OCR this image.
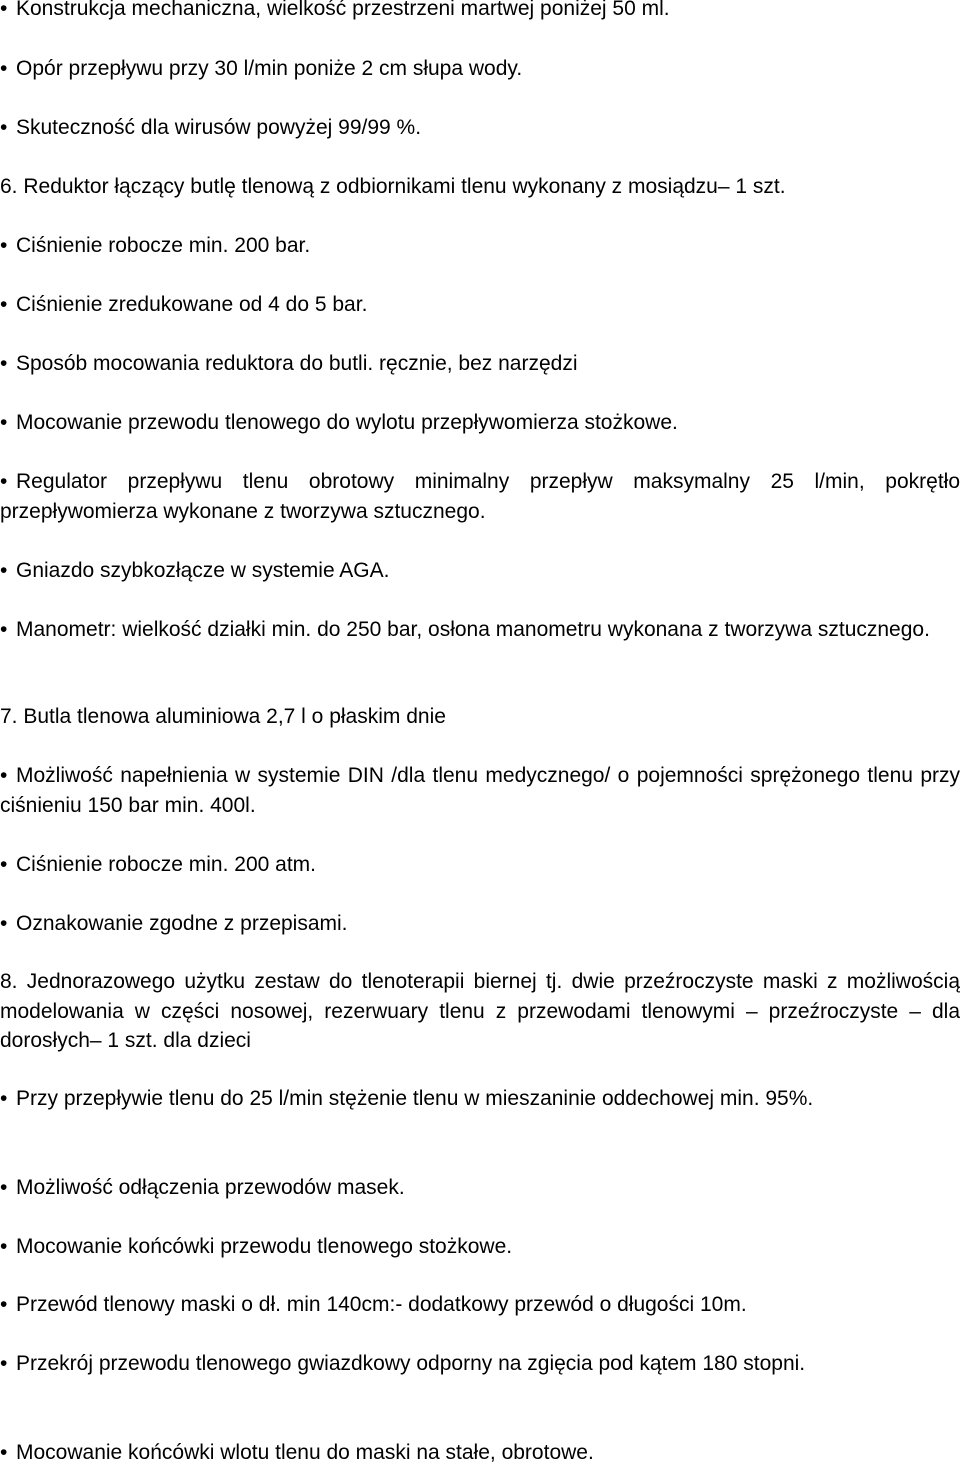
• Konstrukcja mechaniczna, wielkość przestrzeni martwej poniżej 50 ml.

• Opór przepływu przy 30 l/min poniże 2 cm słupa wody.

• Skuteczność dla wirusów powyżej 99/99 %.

6. Reduktor łączący butlę tlenową z odbiornikami tlenu wykonany z mosiądzu– 1 szt.

• Ciśnienie robocze min. 200 bar.

• Ciśnienie zredukowane od 4 do 5 bar.

• Sposób mocowania reduktora do butli. ręcznie, bez narzędzi

• Mocowanie przewodu tlenowego do wylotu przepływomierza stożkowe.

• Regulator przepływu tlenu obrotowy minimalny przepływ maksymalny 25 l/min, pokrętło przepływomierza wykonane z tworzywa sztucznego.

• Gniazdo szybkozłącze w systemie AGA.

• Manometr: wielkość działki min. do 250 bar, osłona manometru wykonana z tworzywa sztucznego.

7. Butla tlenowa aluminiowa 2,7 l o płaskim dnie

• Możliwość napełnienia w systemie DIN /dla tlenu medycznego/ o pojemności sprężonego tlenu przy ciśnieniu 150 bar min. 400l.

• Ciśnienie robocze min. 200 atm.

• Oznakowanie zgodne z przepisami.

8. Jednorazowego użytku zestaw do tlenoterapii biernej tj. dwie przeźroczyste maski z możliwością modelowania w części nosowej, rezerwuary tlenu z przewodami tlenowymi – przeźroczyste – dla dorosłych– 1 szt. dla dzieci

• Przy przepływie tlenu do 25 l/min stężenie tlenu w mieszaninie oddechowej min. 95%.

• Możliwość odłączenia przewodów masek.

• Mocowanie końcówki przewodu tlenowego stożkowe.

• Przewód tlenowy maski o dł. min 140cm:- dodatkowy przewód o długości 10m.

• Przekrój przewodu tlenowego gwiazdkowy odporny na zgięcia pod kątem 180 stopni.

• Mocowanie końcówki wlotu tlenu do maski na stałe, obrotowe.
